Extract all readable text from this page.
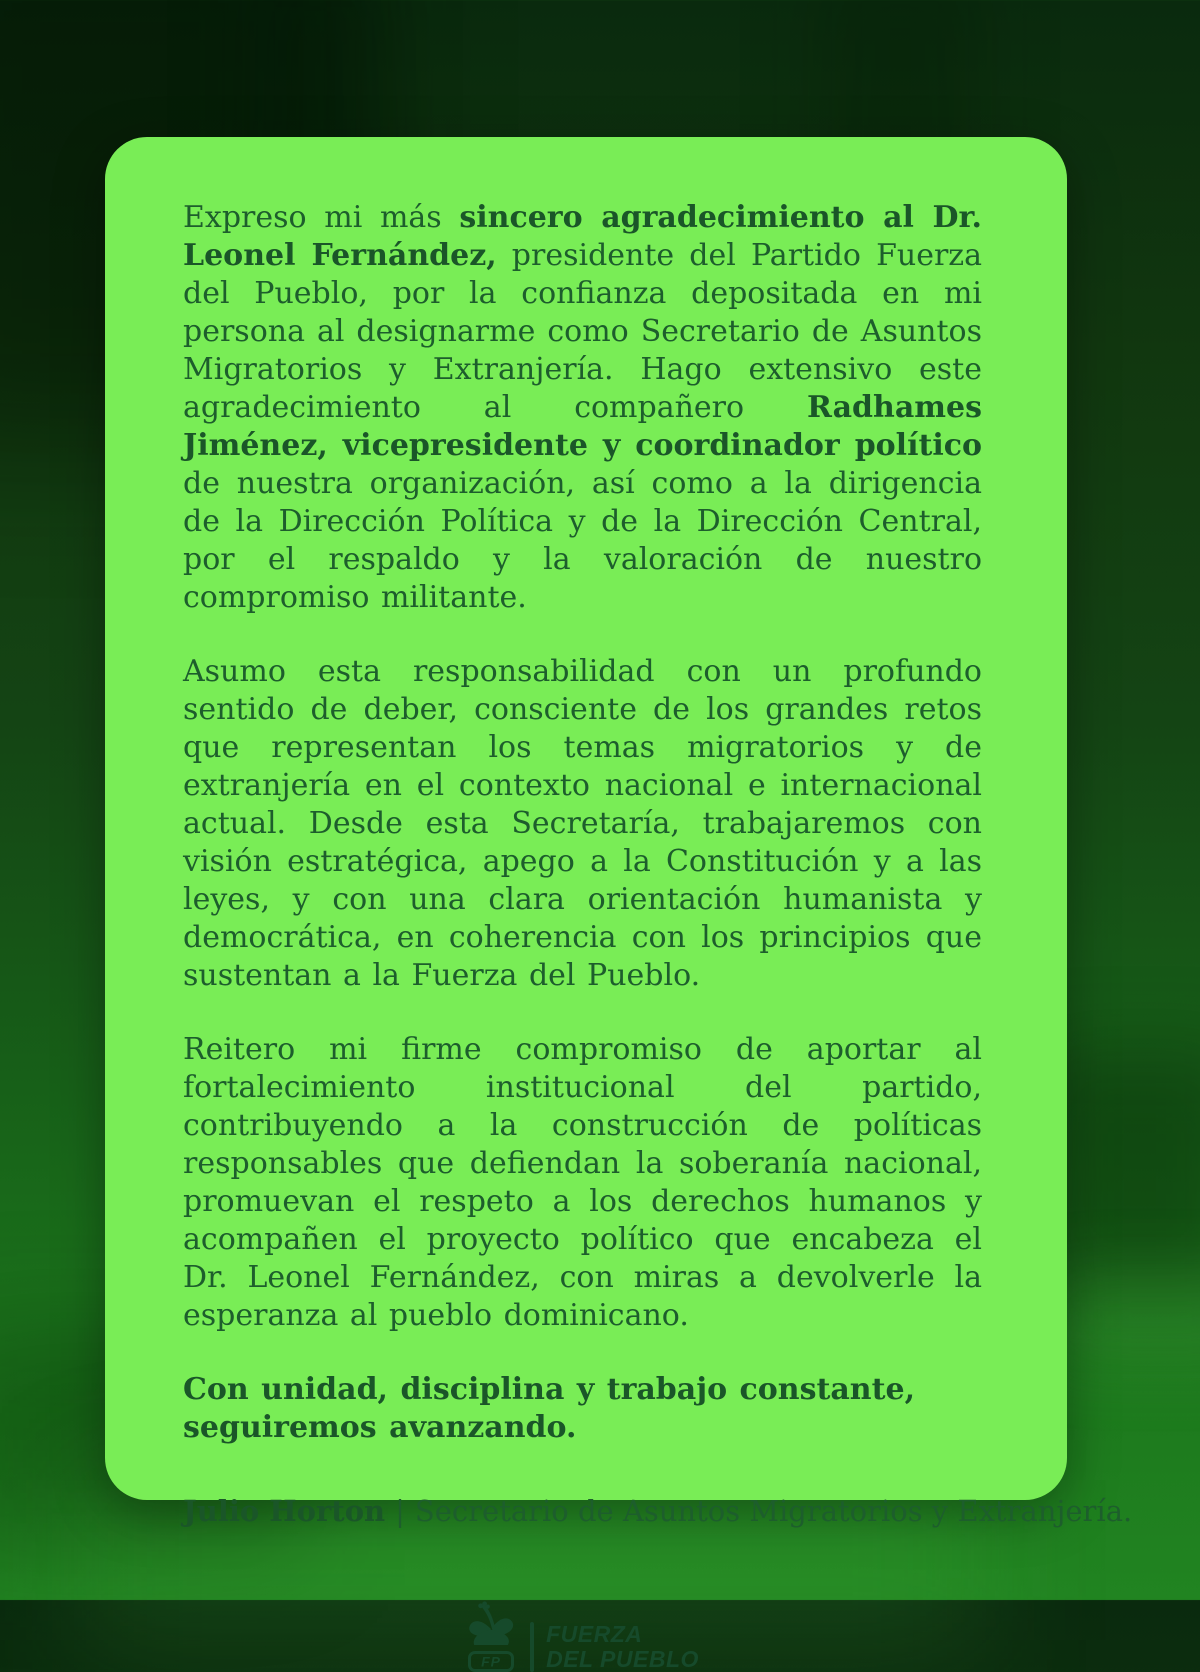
Expreso mi más sincero agradecimiento al Dr. Leonel Fernández, presidente del Partido Fuerza del Pueblo, por la confianza depositada en mi persona al designarme como Secretario de Asuntos Migratorios y Extranjería. Hago extensivo este agradecimiento al compañero Radhames Jiménez, vicepresidente y coordinador político de nuestra organización, así como a la dirigencia de la Dirección Política y de la Dirección Central, por el respaldo y la valoración de nuestro compromiso militante.

Asumo esta responsabilidad con un profundo sentido de deber, consciente de los grandes retos que representan los temas migratorios y de extranjería en el contexto nacional e internacional actual. Desde esta Secretaría, trabajaremos con visión estratégica, apego a la Constitución y a las leyes, y con una clara orientación humanista y democrática, en coherencia con los principios que sustentan a la Fuerza del Pueblo.

Reitero mi firme compromiso de aportar al fortalecimiento institucional del partido, contribuyendo a la construcción de políticas responsables que defiendan la soberanía nacional, promuevan el respeto a los derechos humanos y acompañen el proyecto político que encabeza el Dr. Leonel Fernández, con miras a devolverle la esperanza al pueblo dominicano.

Con unidad, disciplina y trabajo constante, seguiremos avanzando.

Julio Horton | Secretario de Asuntos Migratorios y Extranjería.
FP
FUERZA
DEL PUEBLO
